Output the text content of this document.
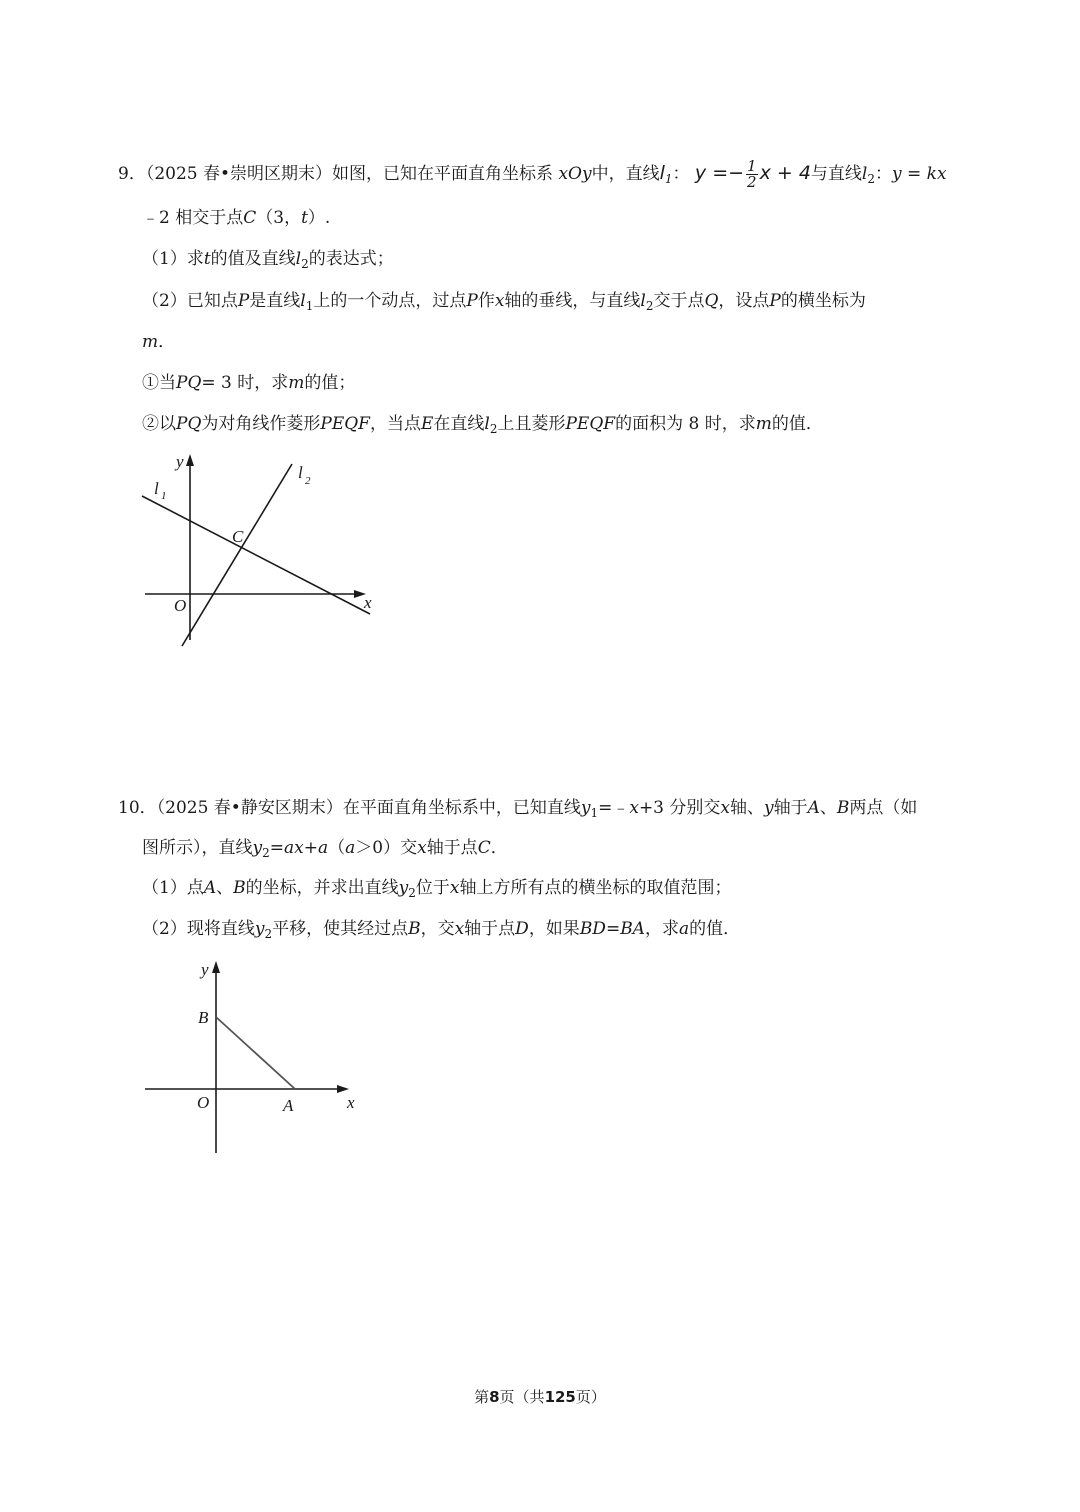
9．（2025 春•崇明区期末）如图，已知在平面直角坐标系 xOy中，直线$l_1$： $y =- \frac{1}{2}$ x + 4与直线$l_2$：y = kx
﹣2 相交于点C（3，t）.
（1）求t的值及直线$l_2$的表达式；
（2）已知点P是直线$l_1$上的一个动点，过点P作x轴的垂线，与直线$l_2$交于点Q，设点P的横坐标为
m．
①当PQ= 3 时，求m的值；
②以PQ为对角线作菱形PEQF，当点E在直线$l_2$上且菱形PEQF的面积为 8 时，求m的值．
y
x
O
C
l 1
l 2
10．（2025 春•静安区期末）在平面直角坐标系中，已知直线$y_1=﹣x+3$ 分别交x轴、y轴于A、B两点（如
图所示），直线$y_2=ax+a(a>0)$交x轴于点C．
（1）点A、B的坐标，并求出直线$y_2$位于x轴上方所有点的横坐标的取值范围；
（2）现将直线$y_2$平移，使其经过点B，交x轴于点D，如果BD=BA，求a的值．
y
x
O	A
B
第8页（共125页）
